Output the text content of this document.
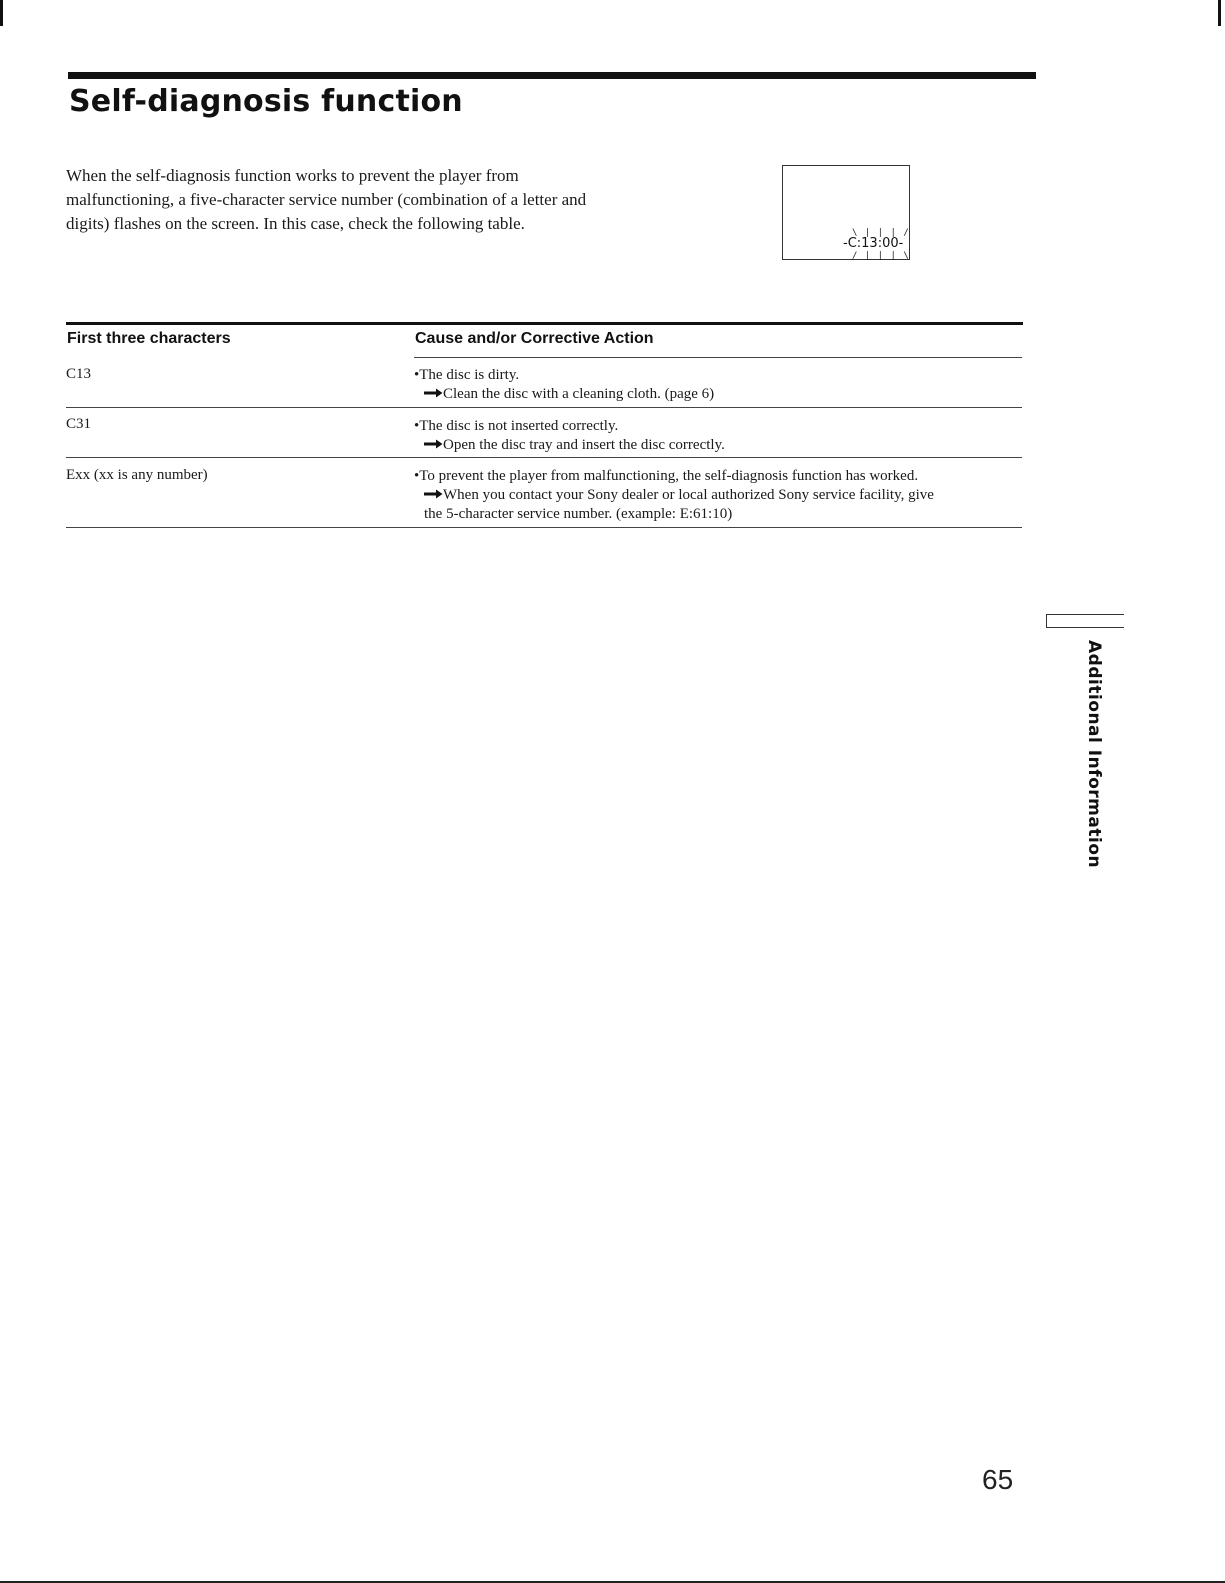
Self-diagnosis function

When the self-diagnosis function works to prevent the player from
malfunctioning, a five-character service number (combination of a letter and
digits) flashes on the screen. In this case, check the following table.	\ | | | /
-C:13:00-
/ | | | \
First three characters	Cause and/or Corrective Action
C13	•The disc is dirty.
Clean the disc with a cleaning cloth. (page 6)
C31	•The disc is not inserted correctly.
Open the disc tray and insert the disc correctly.
Exx (xx is any number)	•To prevent the player from malfunctioning, the self-diagnosis function has worked.
When you contact your Sony dealer or local authorized Sony service facility, give
the 5-character service number. (example: E:61:10)
Additional Information
65
